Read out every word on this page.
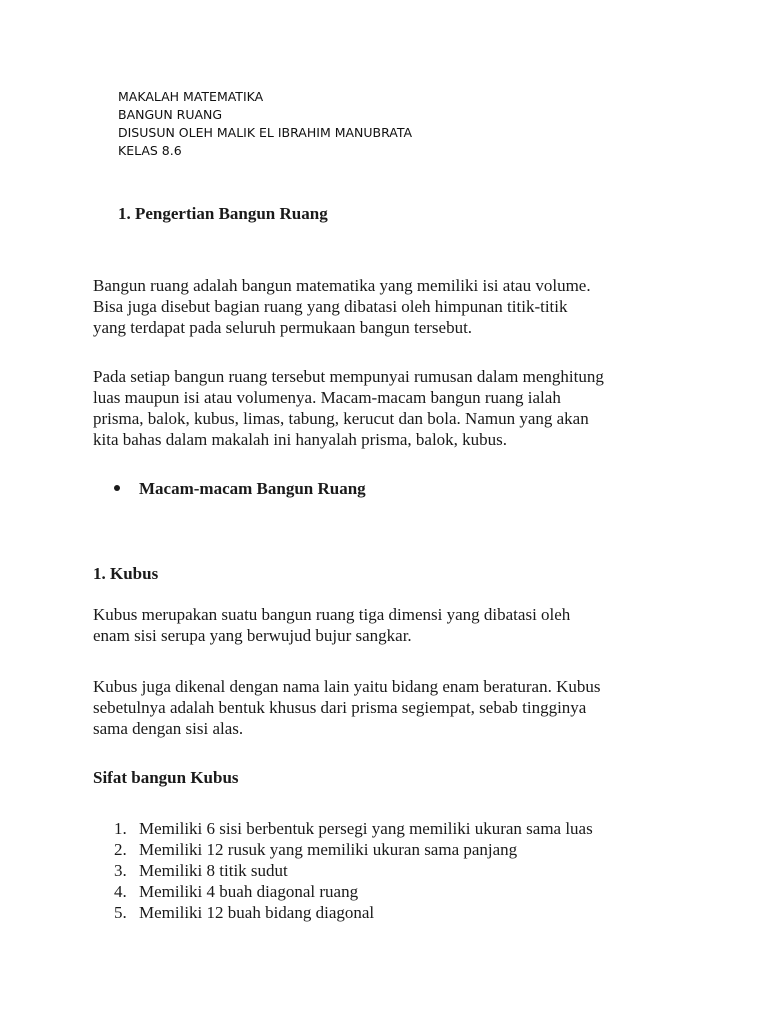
MAKALAH MATEMATIKA
BANGUN RUANG
DISUSUN OLEH MALIK EL IBRAHIM MANUBRATA
KELAS 8.6
1. Pengertian Bangun Ruang
Bangun ruang adalah bangun matematika yang memiliki isi atau volume.
Bisa juga disebut bagian ruang yang dibatasi oleh himpunan titik-titik
yang terdapat pada seluruh permukaan bangun tersebut.
Pada setiap bangun ruang tersebut mempunyai rumusan dalam menghitung
luas maupun isi atau volumenya. Macam-macam bangun ruang ialah
prisma, balok, kubus, limas, tabung, kerucut dan bola. Namun yang akan
kita bahas dalam makalah ini hanyalah prisma, balok, kubus.
Macam-macam Bangun Ruang
1. Kubus
Kubus merupakan suatu bangun ruang tiga dimensi yang dibatasi oleh
enam sisi serupa yang berwujud bujur sangkar.
Kubus juga dikenal dengan nama lain yaitu bidang enam beraturan. Kubus
sebetulnya adalah bentuk khusus dari prisma segiempat, sebab tingginya
sama dengan sisi alas.
Sifat bangun Kubus
1. Memiliki 6 sisi berbentuk persegi yang memiliki ukuran sama luas
2. Memiliki 12 rusuk yang memiliki ukuran sama panjang
3. Memiliki 8 titik sudut
4. Memiliki 4 buah diagonal ruang
5. Memiliki 12 buah bidang diagonal
